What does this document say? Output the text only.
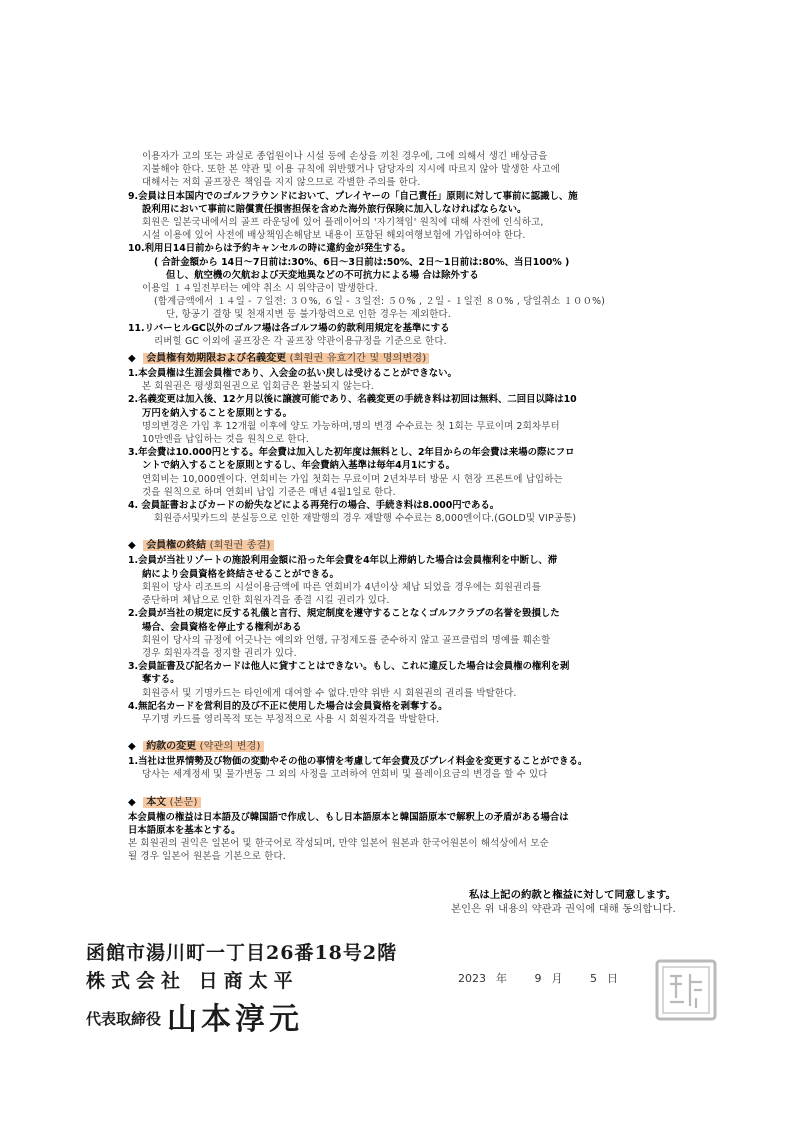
이용자가 고의 또는 과실로 종업원이나 시설 등에 손상을 끼친 경우에, 그에 의해서 생긴 배상금을
지불해야 한다. 또한 본 약관 및 이용 규칙에 위반했거나 담당자의 지시에 따르지 않아 발생한 사고에
대해서는 저희 골프장은 책임을 지지 않으므로 각별한 주의를 한다.
9.会員は日本国内でのゴルフラウンドにおいて、プレイヤーの「自己責任」原則に対して事前に認識し、施
設利用において事前に賠償責任損害担保を含めた海外旅行保険に加入しなければならない。
회원은 일본국내에서의 골프 라운딩에 있어 플레이어의 '자기책임' 원칙에 대해 사전에 인식하고,
시설 이용에 있어 사전에 배상책임손해담보 내용이 포함된 해외여행보험에 가입하여야 한다.
10.利用日14日前からは予約キャンセルの時に違約金が発生する。
( 合計金額から 14日～7日前は:30%、6日～3日前は:50%、2日～1日前は:80%、当日100% )
但し、航空機の欠航および天変地異などの不可抗力による場 合は除外する
이용일 １４일전부터는 예약 취소 시 위약금이 발생한다.
(합계금액에서 １４일 - ７일전: ３０%, ６일 - ３일전: ５０% , ２일 - １일전 ８０% , 당일취소 １００%)
단, 항공기 결항 및 천재지변 등 불가항력으로 인한 경우는 제외한다.
11.リバーヒルGC以外のゴルフ場は各ゴルフ場の約款利用規定を基準にする
리버힐 GC 이외에 골프장은 각 골프장 약관이용규정을 기준으로 한다.
◆ 会員権有効期限および名義変更 (회원권 유효기간 및 명의변경)
1.本会員権は生涯会員権であり、入会金の払い戻しは受けることができない。
본 회원권은 평생회원권으로 입회금은 환불되지 않는다.
2.名義変更は加入後、12ケ月以後に譲渡可能であり、名義変更の手続き料は初回は無料、二回目以降は10
万円を納入することを原則とする。
명의변경은 가입 후 12개월 이후에 양도 가능하며,명의 변경 수수료는 첫 1회는 무료이며 2회차부터
10만엔을 납입하는 것을 원칙으로 한다.
3.年会費は10.000円とする。年会費は加入した初年度は無料とし、2年目からの年会費は来場の際にフロ
ントで納入することを原則とするし、年会費納入基準は毎年4月1にする。
연회비는 10,000엔이다. 연회비는 가입 첫회는 무료이며 2년차부터 방문 시 현장 프론트에 납입하는
것을 원칙으로 하며 연회비 납입 기준은 매년 4월1일로 한다.
4. 会員証書およびカードの紛失などによる再発行の場合、手続き料は8.000円である。
회원증서및카드의 분실등으로 인한 재발행의 경우 재발행 수수료는 8,000엔이다.(GOLD및 VIP공통)
◆ 会員権の終結 (회원권 종결)
1.会員が当社リゾートの施設利用金額に沿った年会費を4年以上滞納した場合は会員権利を中断し、滞
納により会員資格を終結させることができる。
회원이 당사 리조트의 시설이용금액에 따른 연회비가 4년이상 체납 되었을 경우에는 회원권리를
중단하며 체납으로 인한 회원자격을 종결 시킬 권리가 있다.
2.会員が当社の規定に反する礼儀と言行、規定制度を遵守することなくゴルフクラブの名誉を毀損した
場合、会員資格を停止する権利がある
회원이 당사의 규정에 어긋나는 예의와 언행, 규정제도를 준수하지 않고 골프클럽의 명예를 훼손할
경우 회원자격을 정지할 권리가 있다.
3.会員証書及び記名カードは他人に貸すことはできない。もし、これに違反した場合は会員権の権利を剥
奪する。
회원증서 및 기명카드는 타인에게 대여할 수 없다.만약 위반 시 회원권의 권리를 박탈한다.
4.無記名カードを営利目的及び不正に使用した場合は会員資格を剥奪する。
무기명 카드를 영리목적 또는 부정적으로 사용 시 회원자격을 박탈한다.
◆ 約款の変更 (약관의 변경)
1.当社は世界情勢及び物価の変動やその他の事情を考慮して年会費及びプレイ料金を変更することができる。
당사는 세계정세 및 물가변동 그 외의 사정을 고려하여 연회비 및 플레이요금의 변경을 할 수 있다
◆ 本文 (본문)
本会員権の権益は日本語及び韓国語で作成し、もし日本語原本と韓国語原本で解釈上の矛盾がある場合は
日本語原本を基本とする。
본 회원권의 권익은 일본어 및 한국어로 작성되며, 만약 일본어 원본과 한국어원본이 해석상에서 모순
될 경우 일본어 원본을 기본으로 한다.
私は上記の約款と権益に対して同意します。
본인은 위 내용의 약관과 권익에 대해 동의합니다.
函館市湯川町一丁目26番18号2階
株式会社 日商太平
代表取締役 山本淳元
2023 年	9 月	5 日
